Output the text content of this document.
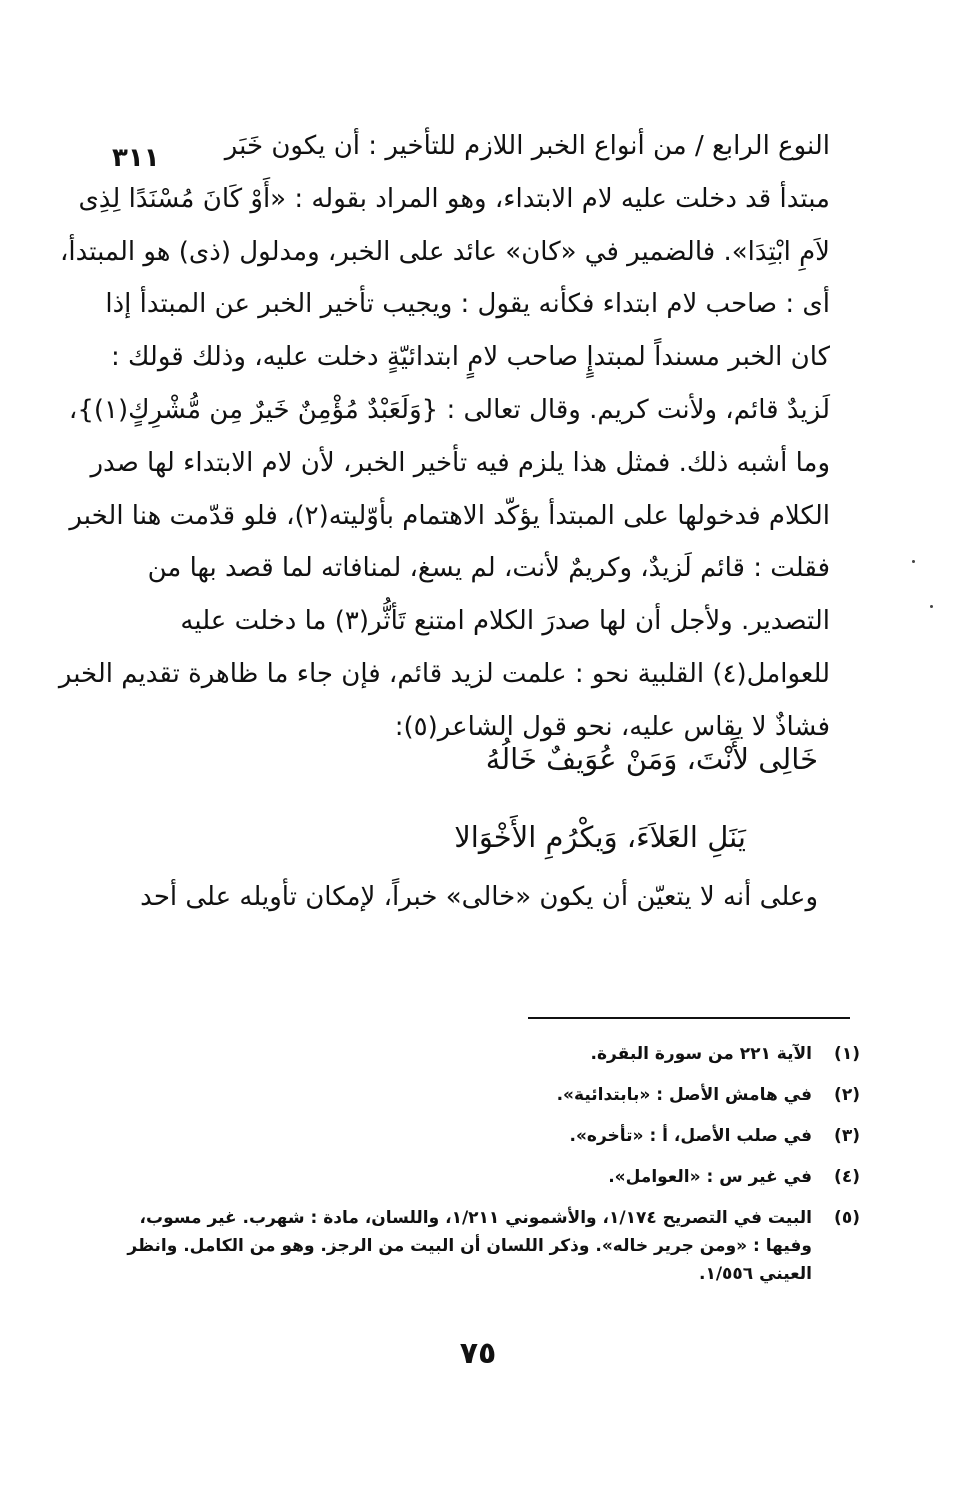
٣١١	النوع الرابع / من أنواع الخبر اللازم للتأخير : أن يكون خَبَر
مبتدأ قد دخلت عليه لام الابتداء، وهو المراد بقوله : «أَوْ كَانَ مُسْنَدًا لِذِى
لاَمِ ابْتِدَا». فالضمير في «كان» عائد على الخبر، ومدلول (ذى) هو المبتدأ،
أى : صاحب لام ابتداء فكأنه يقول : ويجيب تأخير الخبر عن المبتدأ إذا
كان الخبر مسنداً لمبتدإٍ صاحب لامٍ ابتدائيّةٍ دخلت عليه، وذلك قولك :
لَزيدٌ قائم، ولأنت كريم. وقال تعالى : {وَلَعَبْدٌ مُؤْمِنٌ خَيرٌ مِن مُّشْرِكٍ(١)}،
وما أشبه ذلك. فمثل هذا يلزم فيه تأخير الخبر، لأن لام الابتداء لها صدر
الكلام فدخولها على المبتدأ يؤكّد الاهتمام بأوّليته(٢)، فلو قدّمت هنا الخبر
فقلت : قائم لَزيدٌ، وكريمٌ لأنت، لم يسغ، لمنافاته لما قصد بها من
التصدير. ولأجل أن لها صدرَ الكلام امتنع تَأثُّر(٣) ما دخلت عليه
للعوامل(٤) القلبية نحو : علمت لزيد قائم، فإن جاء ما ظاهرة تقديم الخبر
فشاذٌ لا يقاس عليه، نحو قول الشاعر(٥):
خَالِى لأَنْتَ، وَمَنْ عُوَيفٌ خَالُهُ
يَنَلِ العَلاَءَ، وَيكْرُمِ الأَخْوَالا
وعلى أنه لا يتعيّن أن يكون «خالى» خبراً، لإمكان تأويله على أحد
(١)
الآية ٢٢١ من سورة البقرة.
(٢)
في هامش الأصل : «بابتدائية».
(٣)
في صلب الأصل، أ : «تأخره».
(٤)
في غير س : «العوامل».
(٥)
البيت في التصريح ١/١٧٤، والأشموني ١/٢١١، واللسان، مادة : شهرب. غير مسوب،
وفيها : «ومن جرير خاله». وذكر اللسان أن البيت من الرجز. وهو من الكامل. وانظر العيني ١/٥٥٦.
٧٥
